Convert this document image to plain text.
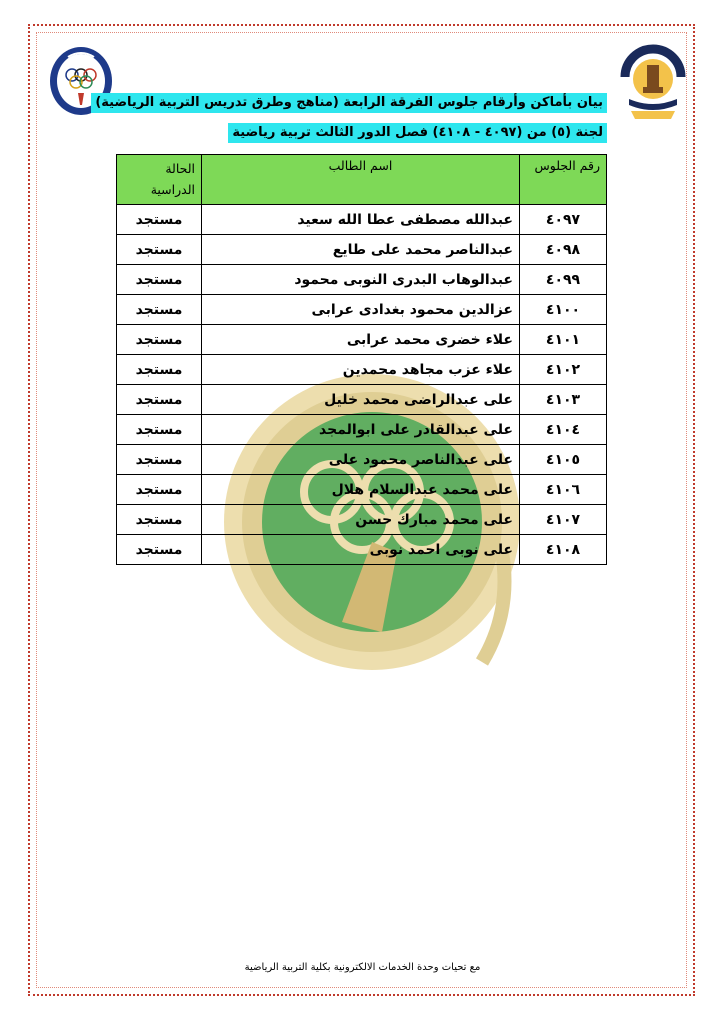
بيان بأماكن وأرقام جلوس الفرقة الرابعة (مناهج وطرق تدريس التربية الرياضية)
لجنة (٥) من (٤٠٩٧ - ٤١٠٨) فصل الدور الثالث تربية رياضية
رقم الجلوس	اسم الطالب	الحالة الدراسية
٤٠٩٧	عبدالله مصطفى عطا الله سعيد	مستجد
٤٠٩٨	عبدالناصر محمد على طايع	مستجد
٤٠٩٩	عبدالوهاب البدرى النوبى محمود	مستجد
٤١٠٠	عزالدين محمود بغدادى عرابى	مستجد
٤١٠١	علاء خضرى محمد عرابى	مستجد
٤١٠٢	علاء عزب مجاهد محمدين	مستجد
٤١٠٣	على عبدالراضى محمد خليل	مستجد
٤١٠٤	على عبدالقادر على ابوالمجد	مستجد
٤١٠٥	على عبدالناصر محمود على	مستجد
٤١٠٦	على محمد عبدالسلام هلال	مستجد
٤١٠٧	على محمد مبارك حسن	مستجد
٤١٠٨	على نوبى احمد نوبى	مستجد
مع تحيات وحدة الخدمات الالكترونية بكلية التربية الرياضية
